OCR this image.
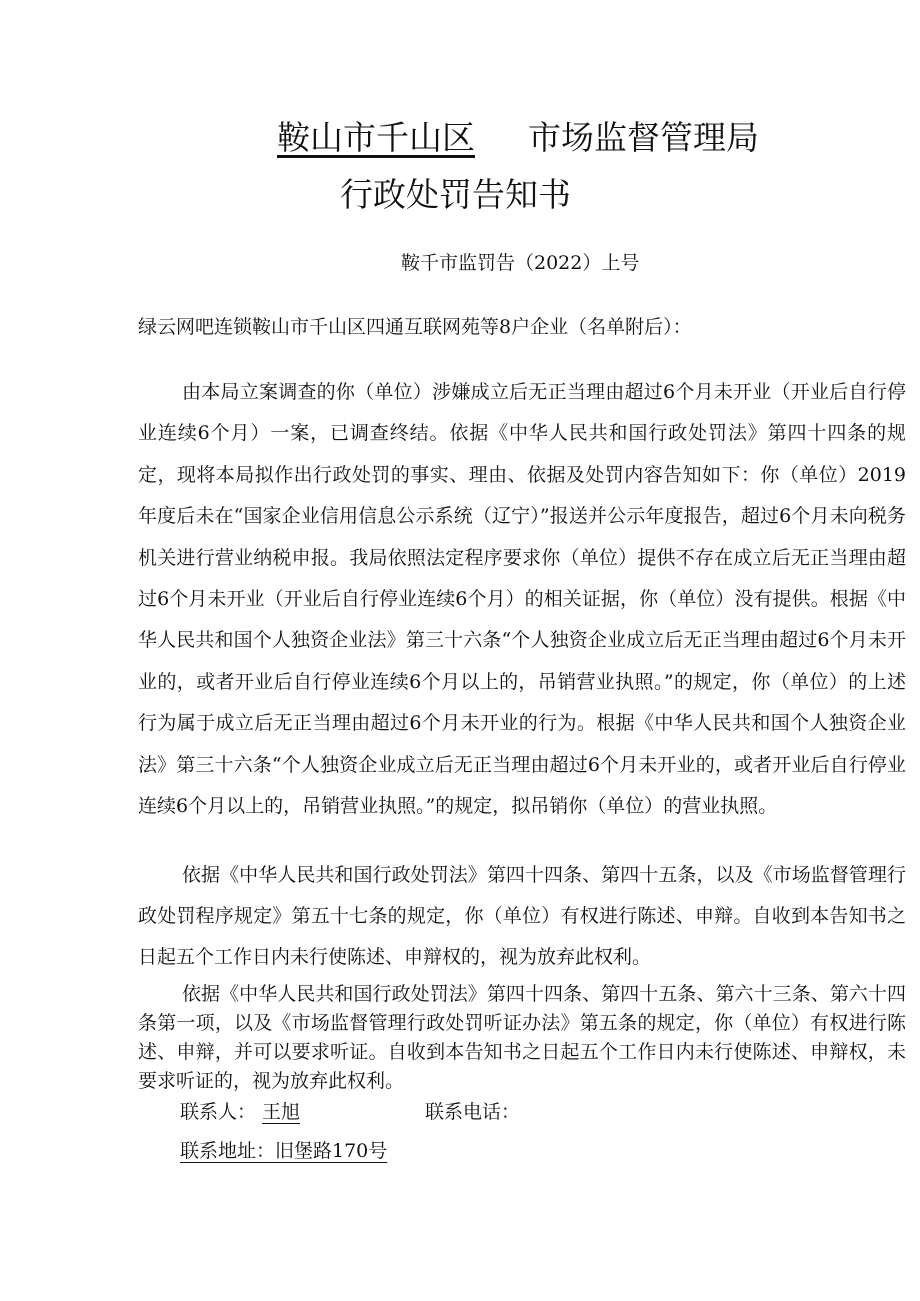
鞍山市千山区 市场监督管理局
行政处罚告知书
鞍千市监罚告（2022）上号
绿云网吧连锁鞍山市千山区四通互联网苑等8户企业（名单附后）：
由本局立案调查的你（单位）涉嫌成立后无正当理由超过6个月未开业（开业后自行停业连续6个月）一案，已调查终结。依据《中华人民共和国行政处罚法》第四十四条的规定，现将本局拟作出行政处罚的事实、理由、依据及处罚内容告知如下：你（单位）2019年度后未在“国家企业信用信息公示系统（辽宁）”报送并公示年度报告，超过6个月未向税务机关进行营业纳税申报。我局依照法定程序要求你（单位）提供不存在成立后无正当理由超过6个月未开业（开业后自行停业连续6个月）的相关证据，你（单位）没有提供。根据《中华人民共和国个人独资企业法》第三十六条“个人独资企业成立后无正当理由超过6个月未开业的，或者开业后自行停业连续6个月以上的，吊销营业执照。”的规定，你（单位）的上述行为属于成立后无正当理由超过6个月未开业的行为。根据《中华人民共和国个人独资企业法》第三十六条“个人独资企业成立后无正当理由超过6个月未开业的，或者开业后自行停业连续6个月以上的，吊销营业执照。”的规定，拟吊销你（单位）的营业执照。
依据《中华人民共和国行政处罚法》第四十四条、第四十五条，以及《市场监督管理行政处罚程序规定》第五十七条的规定，你（单位）有权进行陈述、申辩。自收到本告知书之日起五个工作日内未行使陈述、申辩权的，视为放弃此权利。
依据《中华人民共和国行政处罚法》第四十四条、第四十五条、第六十三条、第六十四条第一项，以及《市场监督管理行政处罚听证办法》第五条的规定，你（单位）有权进行陈述、申辩，并可以要求听证。自收到本告知书之日起五个工作日内未行使陈述、申辩权，未要求听证的，视为放弃此权利。
联系人： 王旭	联系电话：
联系地址：旧堡路170号
